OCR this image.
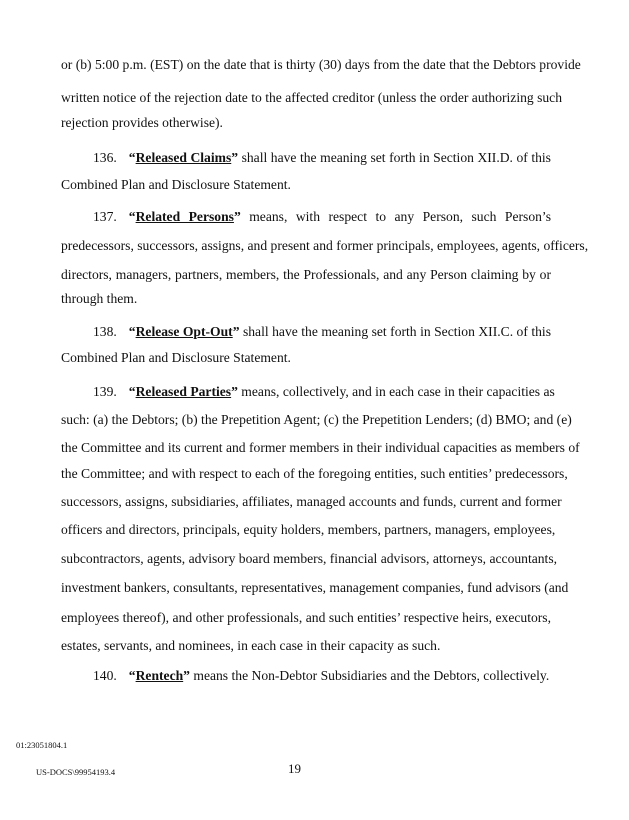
or (b) 5:00 p.m. (EST) on the date that is thirty (30) days from the date that the Debtors provide
written notice of the rejection date to the affected creditor (unless the order authorizing such
rejection provides otherwise).
136. “Released Claims” shall have the meaning set forth in Section XII.D. of this
Combined Plan and Disclosure Statement.
137. “Related Persons” means, with respect to any Person, such Person’s
predecessors, successors, assigns, and present and former principals, employees, agents, officers,
directors, managers, partners, members, the Professionals, and any Person claiming by or
through them.
138. “Release Opt-Out” shall have the meaning set forth in Section XII.C. of this
Combined Plan and Disclosure Statement.
139. “Released Parties” means, collectively, and in each case in their capacities as
such: (a) the Debtors; (b) the Prepetition Agent; (c) the Prepetition Lenders; (d) BMO; and (e)
the Committee and its current and former members in their individual capacities as members of
the Committee; and with respect to each of the foregoing entities, such entities’ predecessors,
successors, assigns, subsidiaries, affiliates, managed accounts and funds, current and former
officers and directors, principals, equity holders, members, partners, managers, employees,
subcontractors, agents, advisory board members, financial advisors, attorneys, accountants,
investment bankers, consultants, representatives, management companies, fund advisors (and
employees thereof), and other professionals, and such entities’ respective heirs, executors,
estates, servants, and nominees, in each case in their capacity as such.
140. “Rentech” means the Non-Debtor Subsidiaries and the Debtors, collectively.
01:23051804.1
19
US-DOCS\99954193.4
